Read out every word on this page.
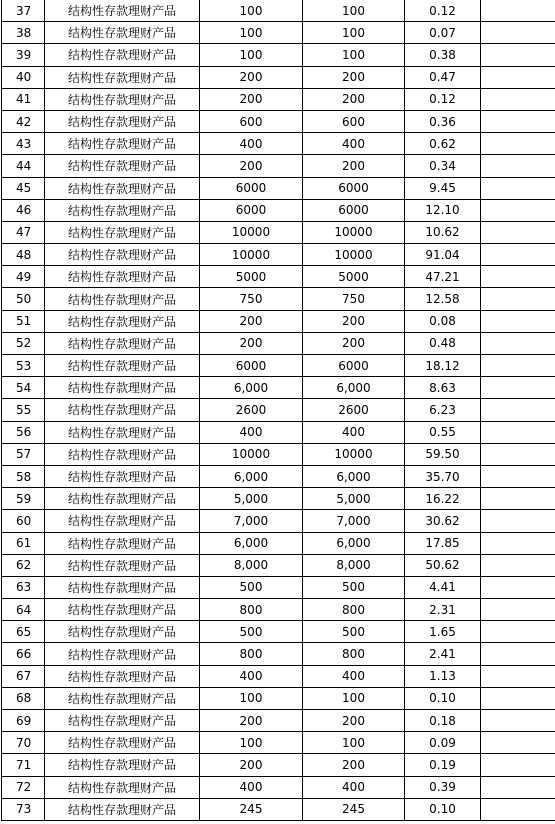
37	结构性存款理财产品	100	100	0.12	
38	结构性存款理财产品	100	100	0.07	
39	结构性存款理财产品	100	100	0.38	
40	结构性存款理财产品	200	200	0.47	
41	结构性存款理财产品	200	200	0.12	
42	结构性存款理财产品	600	600	0.36	
43	结构性存款理财产品	400	400	0.62	
44	结构性存款理财产品	200	200	0.34	
45	结构性存款理财产品	6000	6000	9.45	
46	结构性存款理财产品	6000	6000	12.10	
47	结构性存款理财产品	10000	10000	10.62	
48	结构性存款理财产品	10000	10000	91.04	
49	结构性存款理财产品	5000	5000	47.21	
50	结构性存款理财产品	750	750	12.58	
51	结构性存款理财产品	200	200	0.08	
52	结构性存款理财产品	200	200	0.48	
53	结构性存款理财产品	6000	6000	18.12	
54	结构性存款理财产品	6,000	6,000	8.63	
55	结构性存款理财产品	2600	2600	6.23	
56	结构性存款理财产品	400	400	0.55	
57	结构性存款理财产品	10000	10000	59.50	
58	结构性存款理财产品	6,000	6,000	35.70	
59	结构性存款理财产品	5,000	5,000	16.22	
60	结构性存款理财产品	7,000	7,000	30.62	
61	结构性存款理财产品	6,000	6,000	17.85	
62	结构性存款理财产品	8,000	8,000	50.62	
63	结构性存款理财产品	500	500	4.41	
64	结构性存款理财产品	800	800	2.31	
65	结构性存款理财产品	500	500	1.65	
66	结构性存款理财产品	800	800	2.41	
67	结构性存款理财产品	400	400	1.13	
68	结构性存款理财产品	100	100	0.10	
69	结构性存款理财产品	200	200	0.18	
70	结构性存款理财产品	100	100	0.09	
71	结构性存款理财产品	200	200	0.19	
72	结构性存款理财产品	400	400	0.39	
73	结构性存款理财产品	245	245	0.10	
